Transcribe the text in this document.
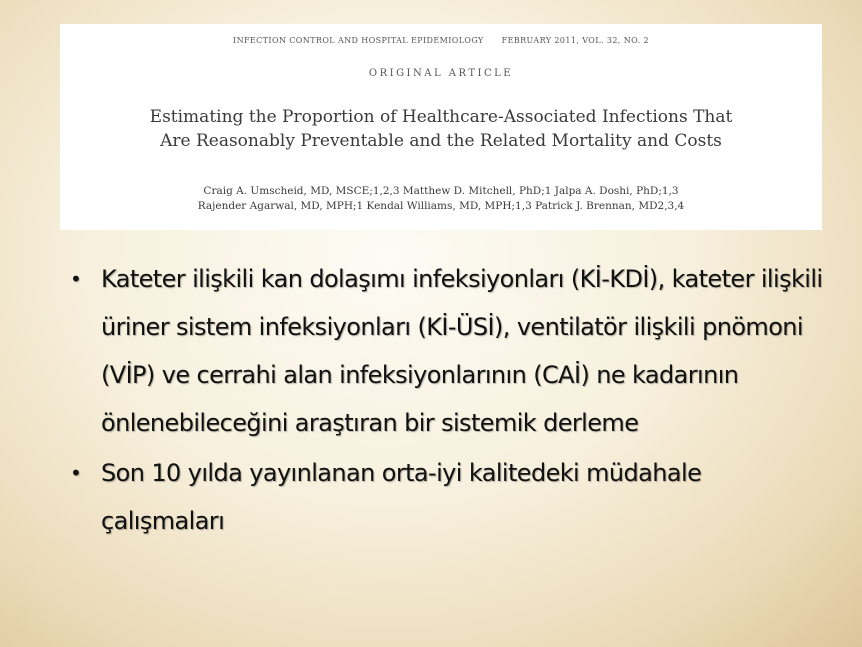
INFECTION CONTROL AND HOSPITAL EPIDEMIOLOGY FEBRUARY 2011, VOL. 32, NO. 2
ORIGINAL ARTICLE
Estimating the Proportion of Healthcare-Associated Infections That
Are Reasonably Preventable and the Related Mortality and Costs
Craig A. Umscheid, MD, MSCE;1,2,3 Matthew D. Mitchell, PhD;1 Jalpa A. Doshi, PhD;1,3
Rajender Agarwal, MD, MPH;1 Kendal Williams, MD, MPH;1,3 Patrick J. Brennan, MD2,3,4
• Kateter ilişkili kan dolaşımı infeksiyonları (Kİ-KDİ), kateter ilişkili üriner sistem infeksiyonları (Kİ-ÜSİ), ventilatör ilişkili pnömoni (VİP) ve cerrahi alan infeksiyonlarının (CAİ) ne kadarının önlenebileceğini araştıran bir sistemik derleme
• Son 10 yılda yayınlanan orta-iyi kalitedeki müdahale çalışmaları
